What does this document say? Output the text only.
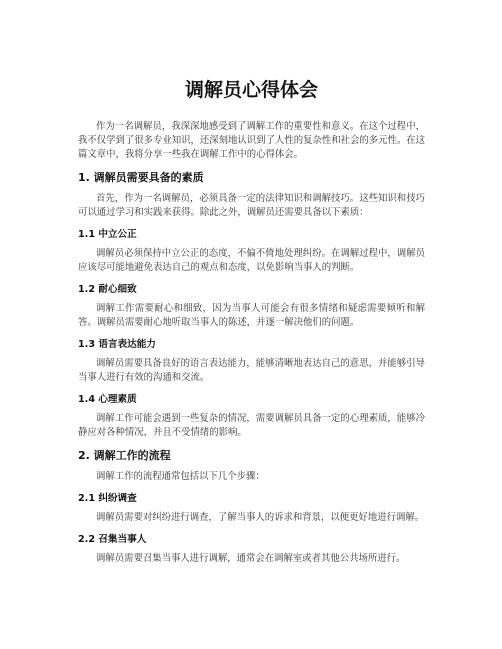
调解员心得体会

作为一名调解员，我深深地感受到了调解工作的重要性和意义。在这个过程中，我不仅学到了很多专业知识，还深刻地认识到了人性的复杂性和社会的多元性。在这篇文章中，我将分享一些我在调解工作中的心得体会。

1. 调解员需要具备的素质

首先，作为一名调解员，必须具备一定的法律知识和调解技巧。这些知识和技巧可以通过学习和实践来获得。除此之外，调解员还需要具备以下素质：

1.1 中立公正

调解员必须保持中立公正的态度，不偏不倚地处理纠纷。在调解过程中，调解员应该尽可能地避免表达自己的观点和态度，以免影响当事人的判断。

1.2 耐心细致

调解工作需要耐心和细致，因为当事人可能会有很多情绪和疑虑需要倾听和解答。调解员需要耐心地听取当事人的陈述，并逐一解决他们的问题。

1.3 语言表达能力

调解员需要具备良好的语言表达能力，能够清晰地表达自己的意思，并能够引导当事人进行有效的沟通和交流。

1.4 心理素质

调解工作可能会遇到一些复杂的情况，需要调解员具备一定的心理素质，能够冷静应对各种情况，并且不受情绪的影响。

2. 调解工作的流程

调解工作的流程通常包括以下几个步骤：

2.1 纠纷调查

调解员需要对纠纷进行调查，了解当事人的诉求和背景，以便更好地进行调解。

2.2 召集当事人

调解员需要召集当事人进行调解，通常会在调解室或者其他公共场所进行。
